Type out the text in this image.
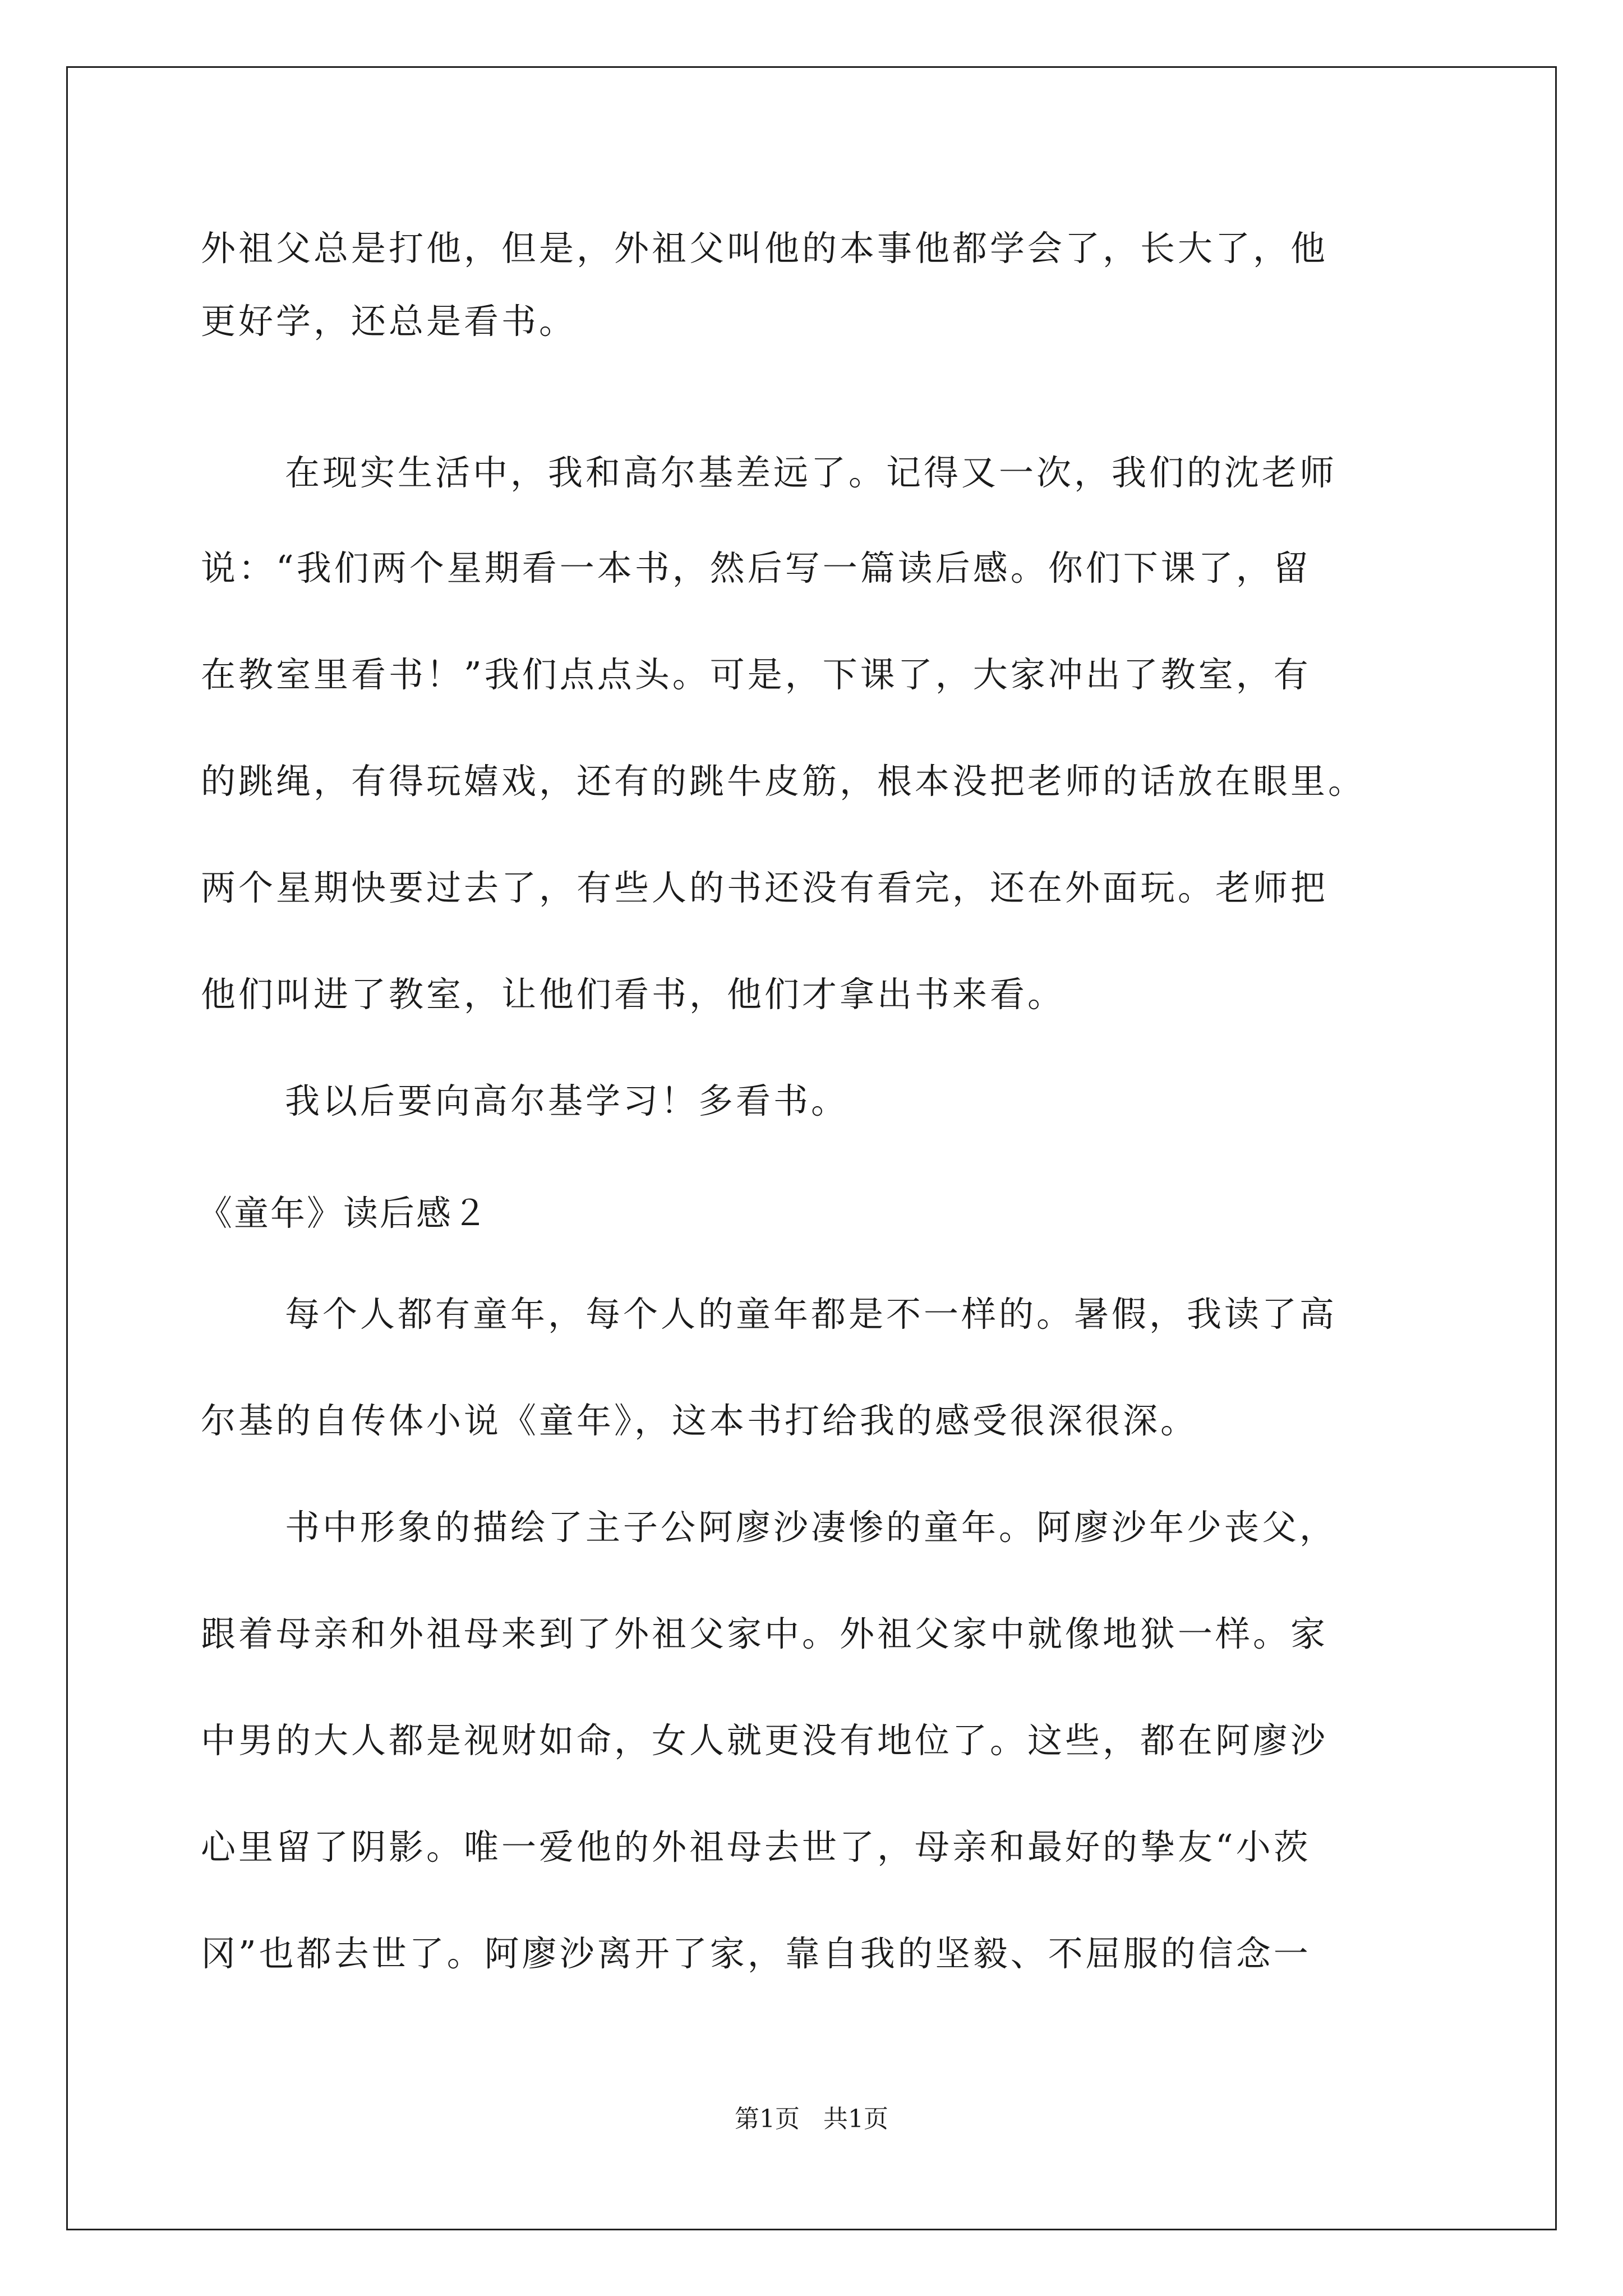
外祖父总是打他，但是，外祖父叫他的本事他都学会了，长大了，他
更好学，还总是看书。
在现实生活中，我和高尔基差远了。记得又一次，我们的沈老师
说：“我们两个星期看一本书，然后写一篇读后感。你们下课了，留
在教室里看书！”我们点点头。可是，下课了，大家冲出了教室，有
的跳绳，有得玩嬉戏，还有的跳牛皮筋，根本没把老师的话放在眼里。
两个星期快要过去了，有些人的书还没有看完，还在外面玩。老师把
他们叫进了教室，让他们看书，他们才拿出书来看。
我以后要向高尔基学习！多看书。
《童年》读后感２
每个人都有童年，每个人的童年都是不一样的。暑假，我读了高
尔基的自传体小说《童年》，这本书打给我的感受很深很深。
书中形象的描绘了主子公阿廖沙凄惨的童年。阿廖沙年少丧父，
跟着母亲和外祖母来到了外祖父家中。外祖父家中就像地狱一样。家
中男的大人都是视财如命，女人就更没有地位了。这些，都在阿廖沙
心里留了阴影。唯一爱他的外祖母去世了，母亲和最好的挚友“小茨
冈”也都去世了。阿廖沙离开了家，靠自我的坚毅、不屈服的信念一
第1页   共1页
